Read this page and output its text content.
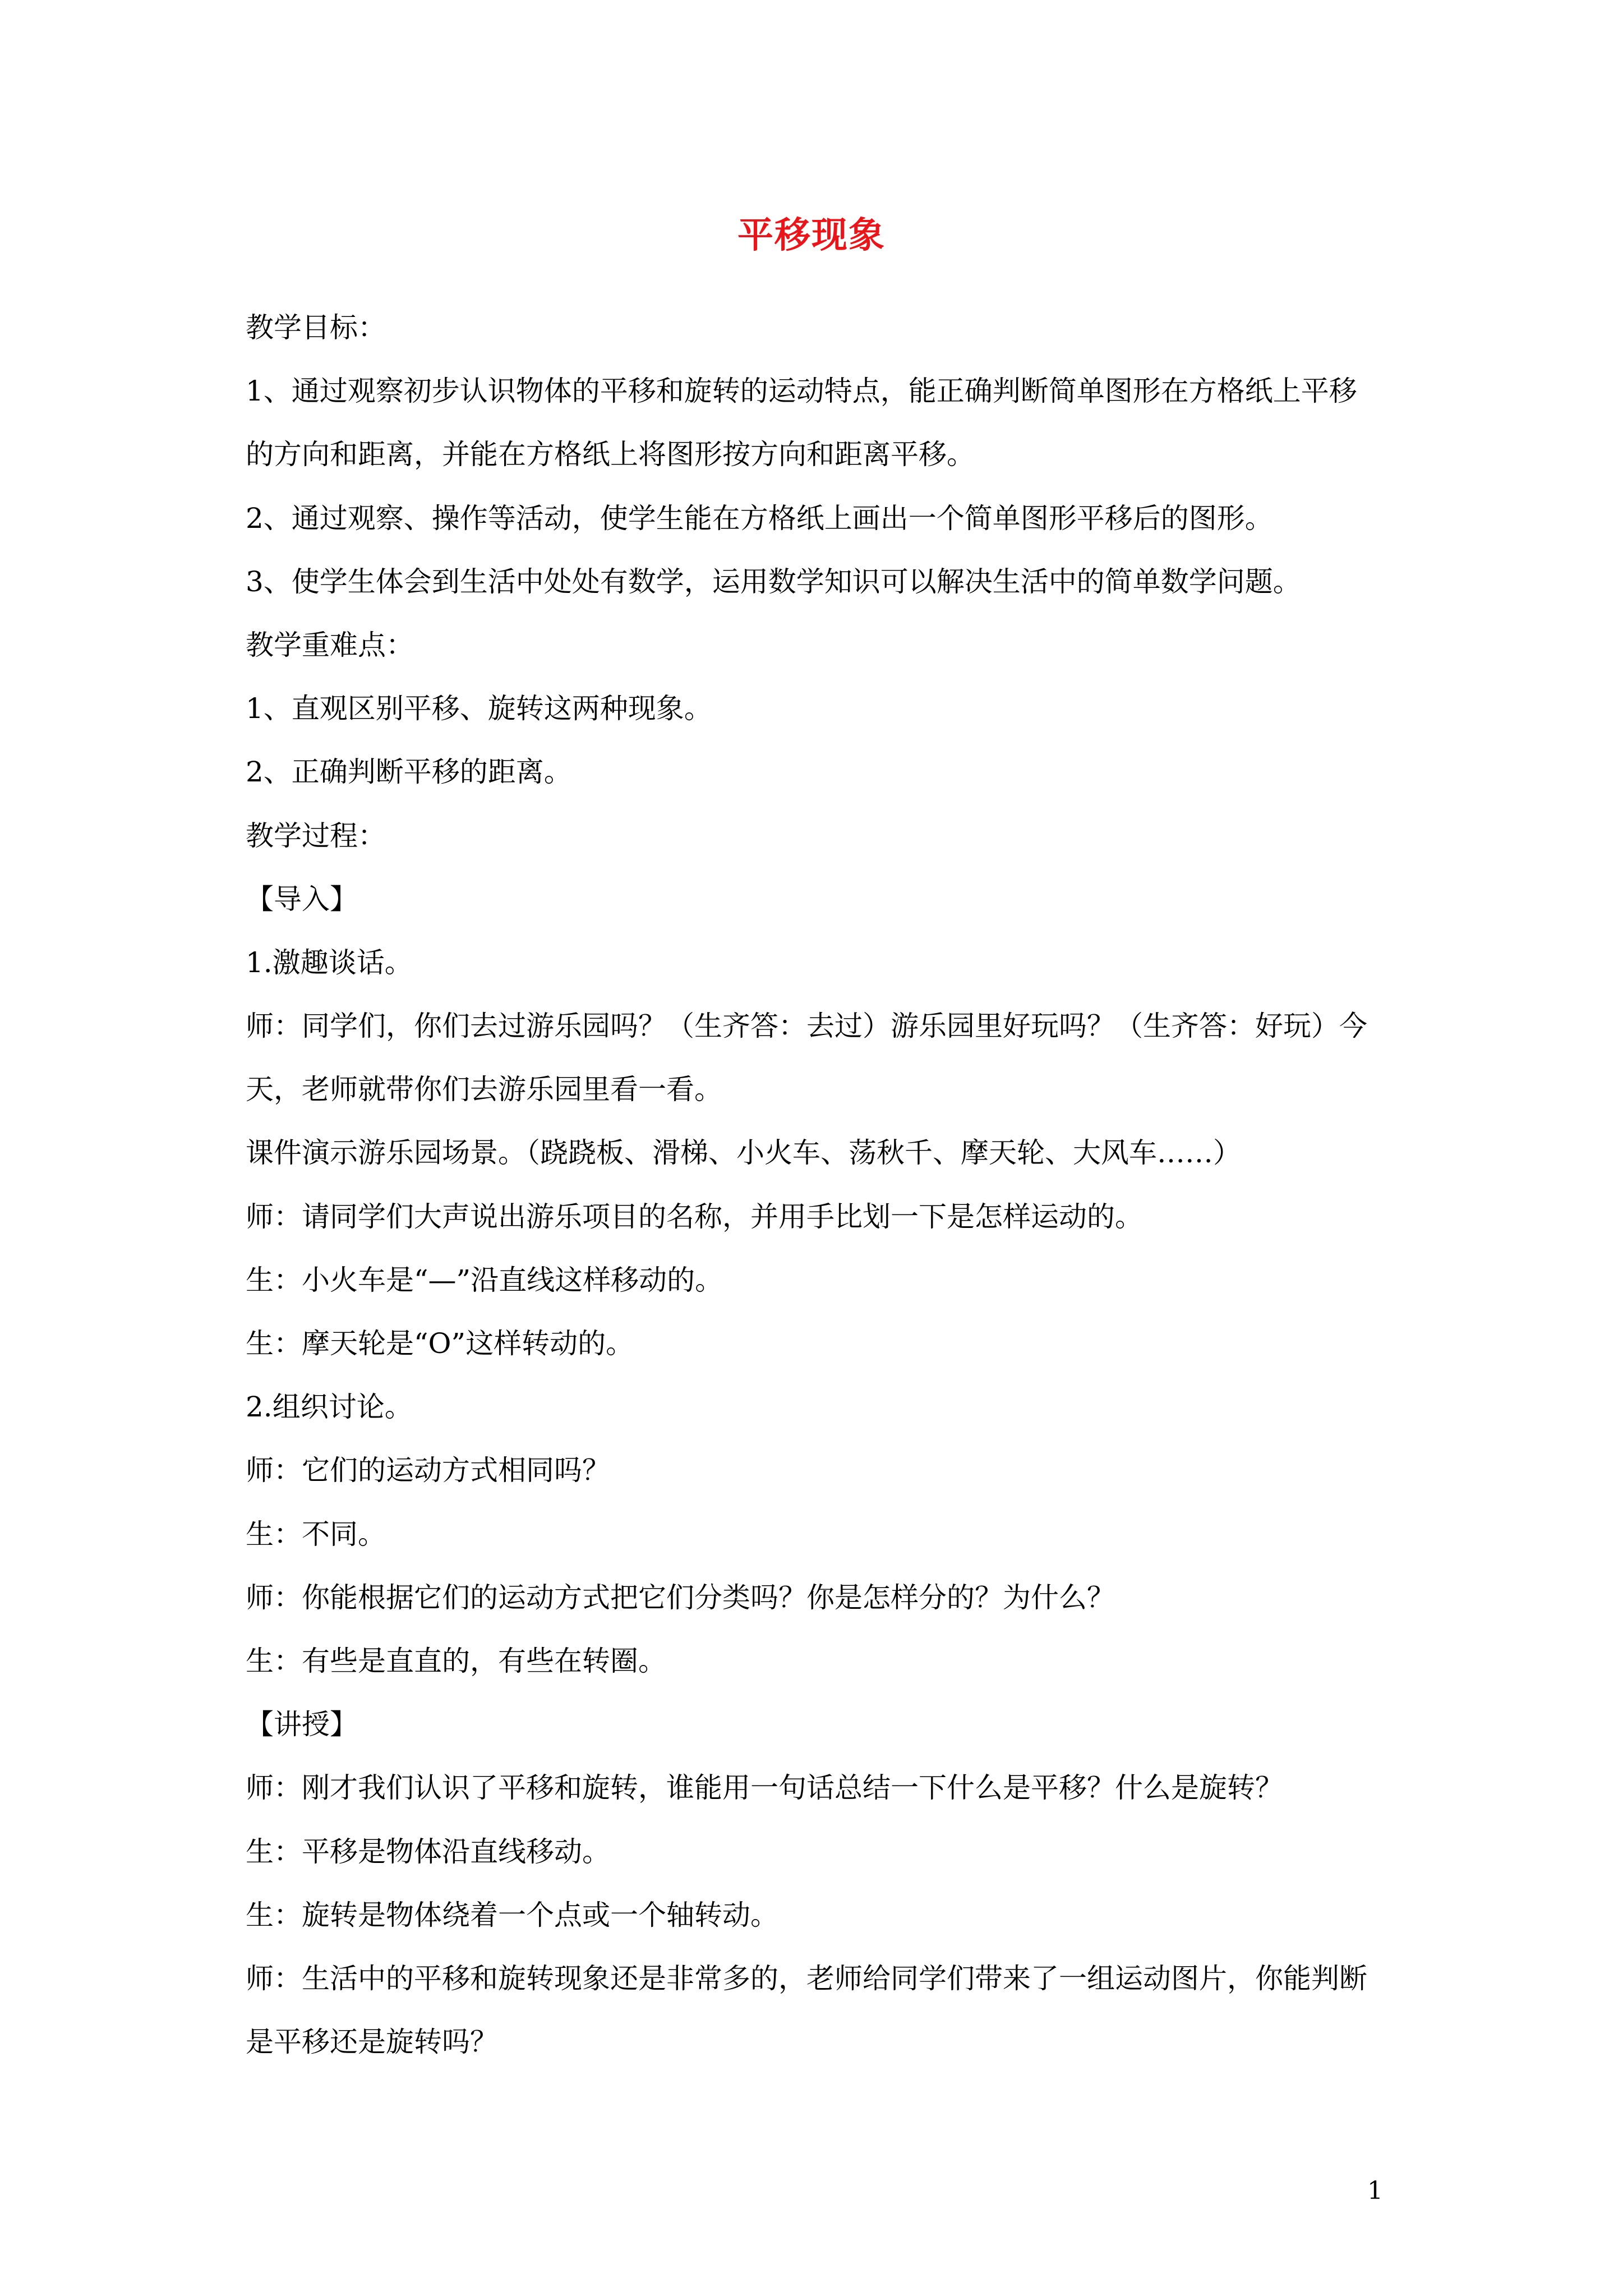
平移现象

教学目标：

1、通过观察初步认识物体的平移和旋转的运动特点，能正确判断简单图形在方格纸上平移

的方向和距离，并能在方格纸上将图形按方向和距离平移。

2、通过观察、操作等活动，使学生能在方格纸上画出一个简单图形平移后的图形。

3、使学生体会到生活中处处有数学，运用数学知识可以解决生活中的简单数学问题。

教学重难点：

1、直观区别平移、旋转这两种现象。

2、正确判断平移的距离。

教学过程：

【导入】

1.激趣谈话。

师：同学们，你们去过游乐园吗？（生齐答：去过）游乐园里好玩吗？（生齐答：好玩）今

天，老师就带你们去游乐园里看一看。

课件演示游乐园场景。（跷跷板、滑梯、小火车、荡秋千、摩天轮、大风车……）

师：请同学们大声说出游乐项目的名称，并用手比划一下是怎样运动的。

生：小火车是“—”沿直线这样移动的。

生：摩天轮是“O”这样转动的。

2.组织讨论。

师：它们的运动方式相同吗？

生：不同。

师：你能根据它们的运动方式把它们分类吗？你是怎样分的？为什么？

生：有些是直直的，有些在转圈。

【讲授】

师：刚才我们认识了平移和旋转，谁能用一句话总结一下什么是平移？什么是旋转？

生：平移是物体沿直线移动。

生：旋转是物体绕着一个点或一个轴转动。

师：生活中的平移和旋转现象还是非常多的，老师给同学们带来了一组运动图片，你能判断

是平移还是旋转吗？

1
